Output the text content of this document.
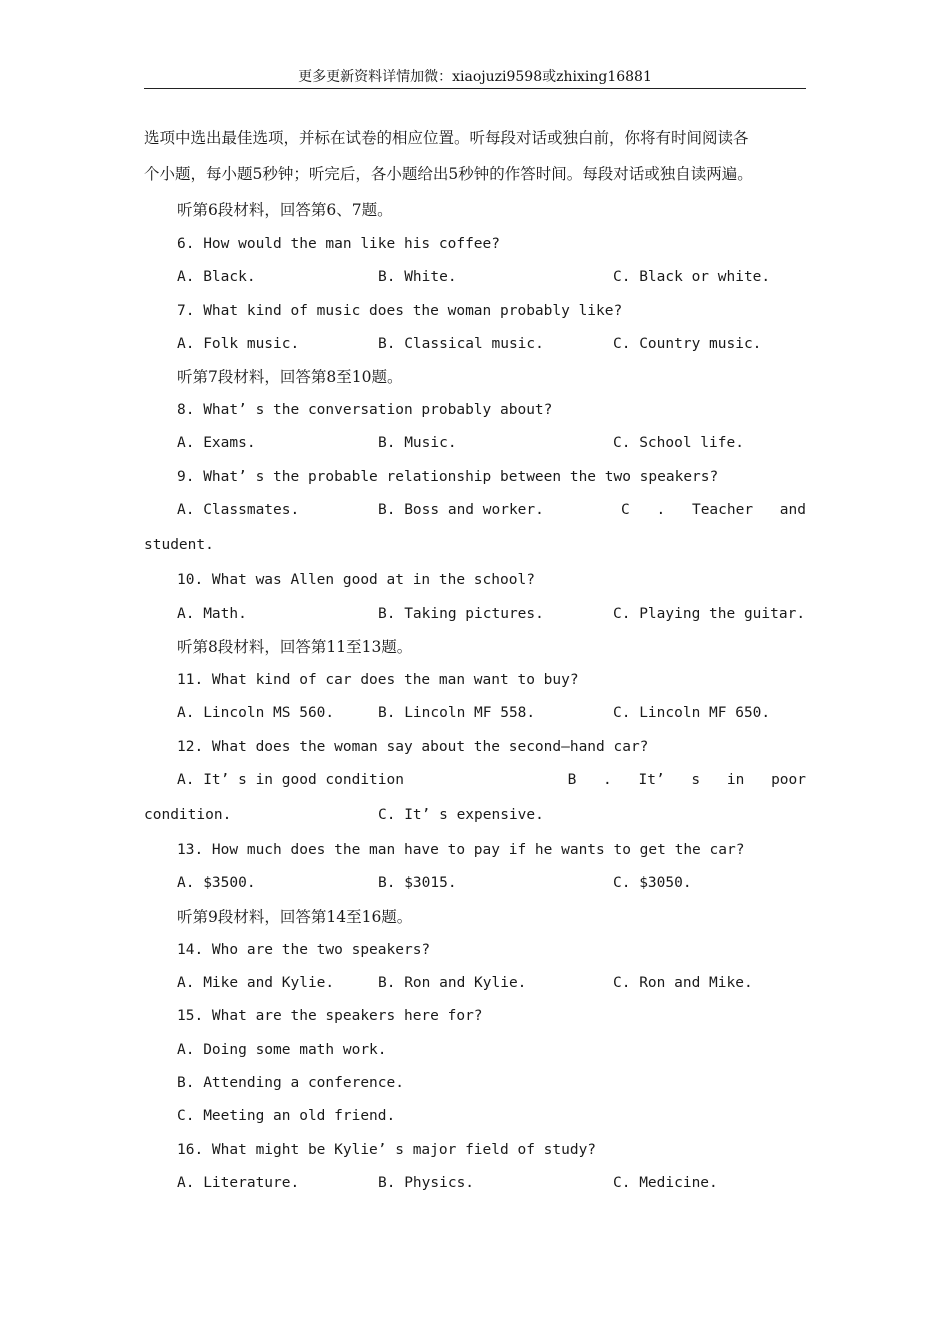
更多更新资料详情加微：xiaojuzi9598或zhixing16881
选项中选出最佳选项，并标在试卷的相应位置。听每段对话或独白前，你将有时间阅读各
个小题，每小题5秒钟；听完后，各小题给出5秒钟的作答时间。每段对话或独自读两遍。
听第6段材料，回答第6、7题。
6. How would the man like his coffee?
A. Black.	B. White.	C. Black or white.
7. What kind of music does the woman probably like?
A. Folk music.	B. Classical music.	C. Country music.
听第7段材料，回答第8至10题。
8. What’ s the conversation probably about?
A. Exams.	B. Music.	C. School life.
9. What’ s the probable relationship between the two speakers?
A. Classmates.	B. Boss and worker.	C . Teacher and
student.
10. What was Allen good at in the school?
A. Math.	B. Taking pictures.	C. Playing the guitar.
听第8段材料，回答第11至13题。
11. What kind of car does the man want to buy?
A. Lincoln MS 560.	B. Lincoln MF 558.	C. Lincoln MF 650.
12. What does the woman say about the second—hand car?
A. It’ s in good condition	B . It’ s in poor
condition.	C. It’ s expensive.
13. How much does the man have to pay if he wants to get the car?
A. $3500.	B. $3015.	C. $3050.
听第9段材料，回答第14至16题。
14. Who are the two speakers?
A. Mike and Kylie.	B. Ron and Kylie.	C. Ron and Mike.
15. What are the speakers here for?
A. Doing some math work.
B. Attending a conference.
C. Meeting an old friend.
16. What might be Kylie’ s major field of study?
A. Literature.	B. Physics.	C. Medicine.
